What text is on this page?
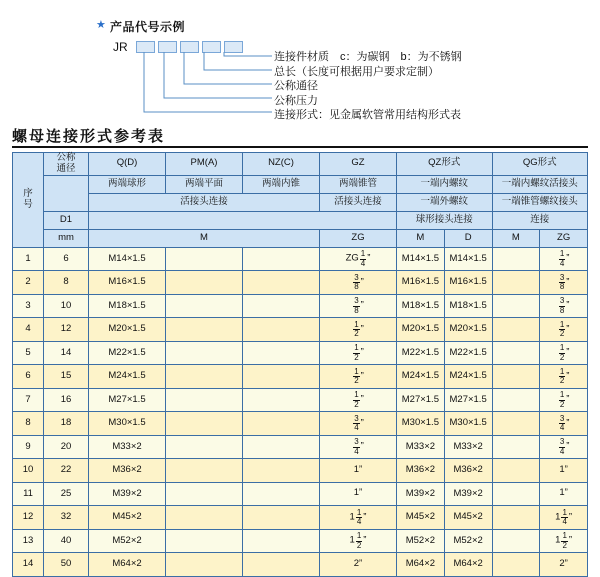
★ 产品代号示例
JR
连接件材质　c：为碳钢　b：为不锈钢
总长（长度可根据用户要求定制）
公称通径
公称压力
连接形式：见金属软管常用结构形式表
螺母连接形式参考表
序
号	公称
通径	Q(D)	PM(A)	NZ(C)	GZ	QZ形式		QG形式	
		两端球形	两端平面	两端内锥	两端锥管	一端内螺纹		一端内螺纹活接头	
		活接头连接			活接头连接	一端外螺纹		一端锥管螺纹接头	
	D1					球形接头连接		连接	
	mm	M			ZG	M	D	M	ZG
1	6	M14×1.5			ZG $\frac{1}{4}$ ”	M14×1.5	M14×1.5		$\frac{1}{4}$ ”
2	8	M16×1.5			$\frac{3}{8}$ ”	M16×1.5	M16×1.5		$\frac{3}{8}$ ”
3	10	M18×1.5			$\frac{3}{8}$ ”	M18×1.5	M18×1.5		$\frac{3}{8}$ ”
4	12	M20×1.5			$\frac{1}{2}$ ”	M20×1.5	M20×1.5		$\frac{1}{2}$ ”
5	14	M22×1.5			$\frac{1}{2}$ ”	M22×1.5	M22×1.5		$\frac{1}{2}$ ”
6	15	M24×1.5			$\frac{1}{2}$ ”	M24×1.5	M24×1.5		$\frac{1}{2}$ ”
7	16	M27×1.5			$\frac{1}{2}$ ”	M27×1.5	M27×1.5		$\frac{1}{2}$ ”
8	18	M30×1.5			$\frac{3}{4}$ ”	M30×1.5	M30×1.5		$\frac{3}{4}$ ”
9	20	M33×2			$\frac{3}{4}$ ”	M33×2	M33×2		$\frac{3}{4}$ ”
10	22	M36×2			1”	M36×2	M36×2		1”
11	25	M39×2			1”	M39×2	M39×2		1”
12	32	M45×2			$1 \frac{1}{4}$ ”	M45×2	M45×2		$1 \frac{1}{4}$ ”
13	40	M52×2			$1 \frac{1}{2}$ ”	M52×2	M52×2		$1 \frac{1}{2}$ ”
14	50	M64×2			2”	M64×2	M64×2		2”
